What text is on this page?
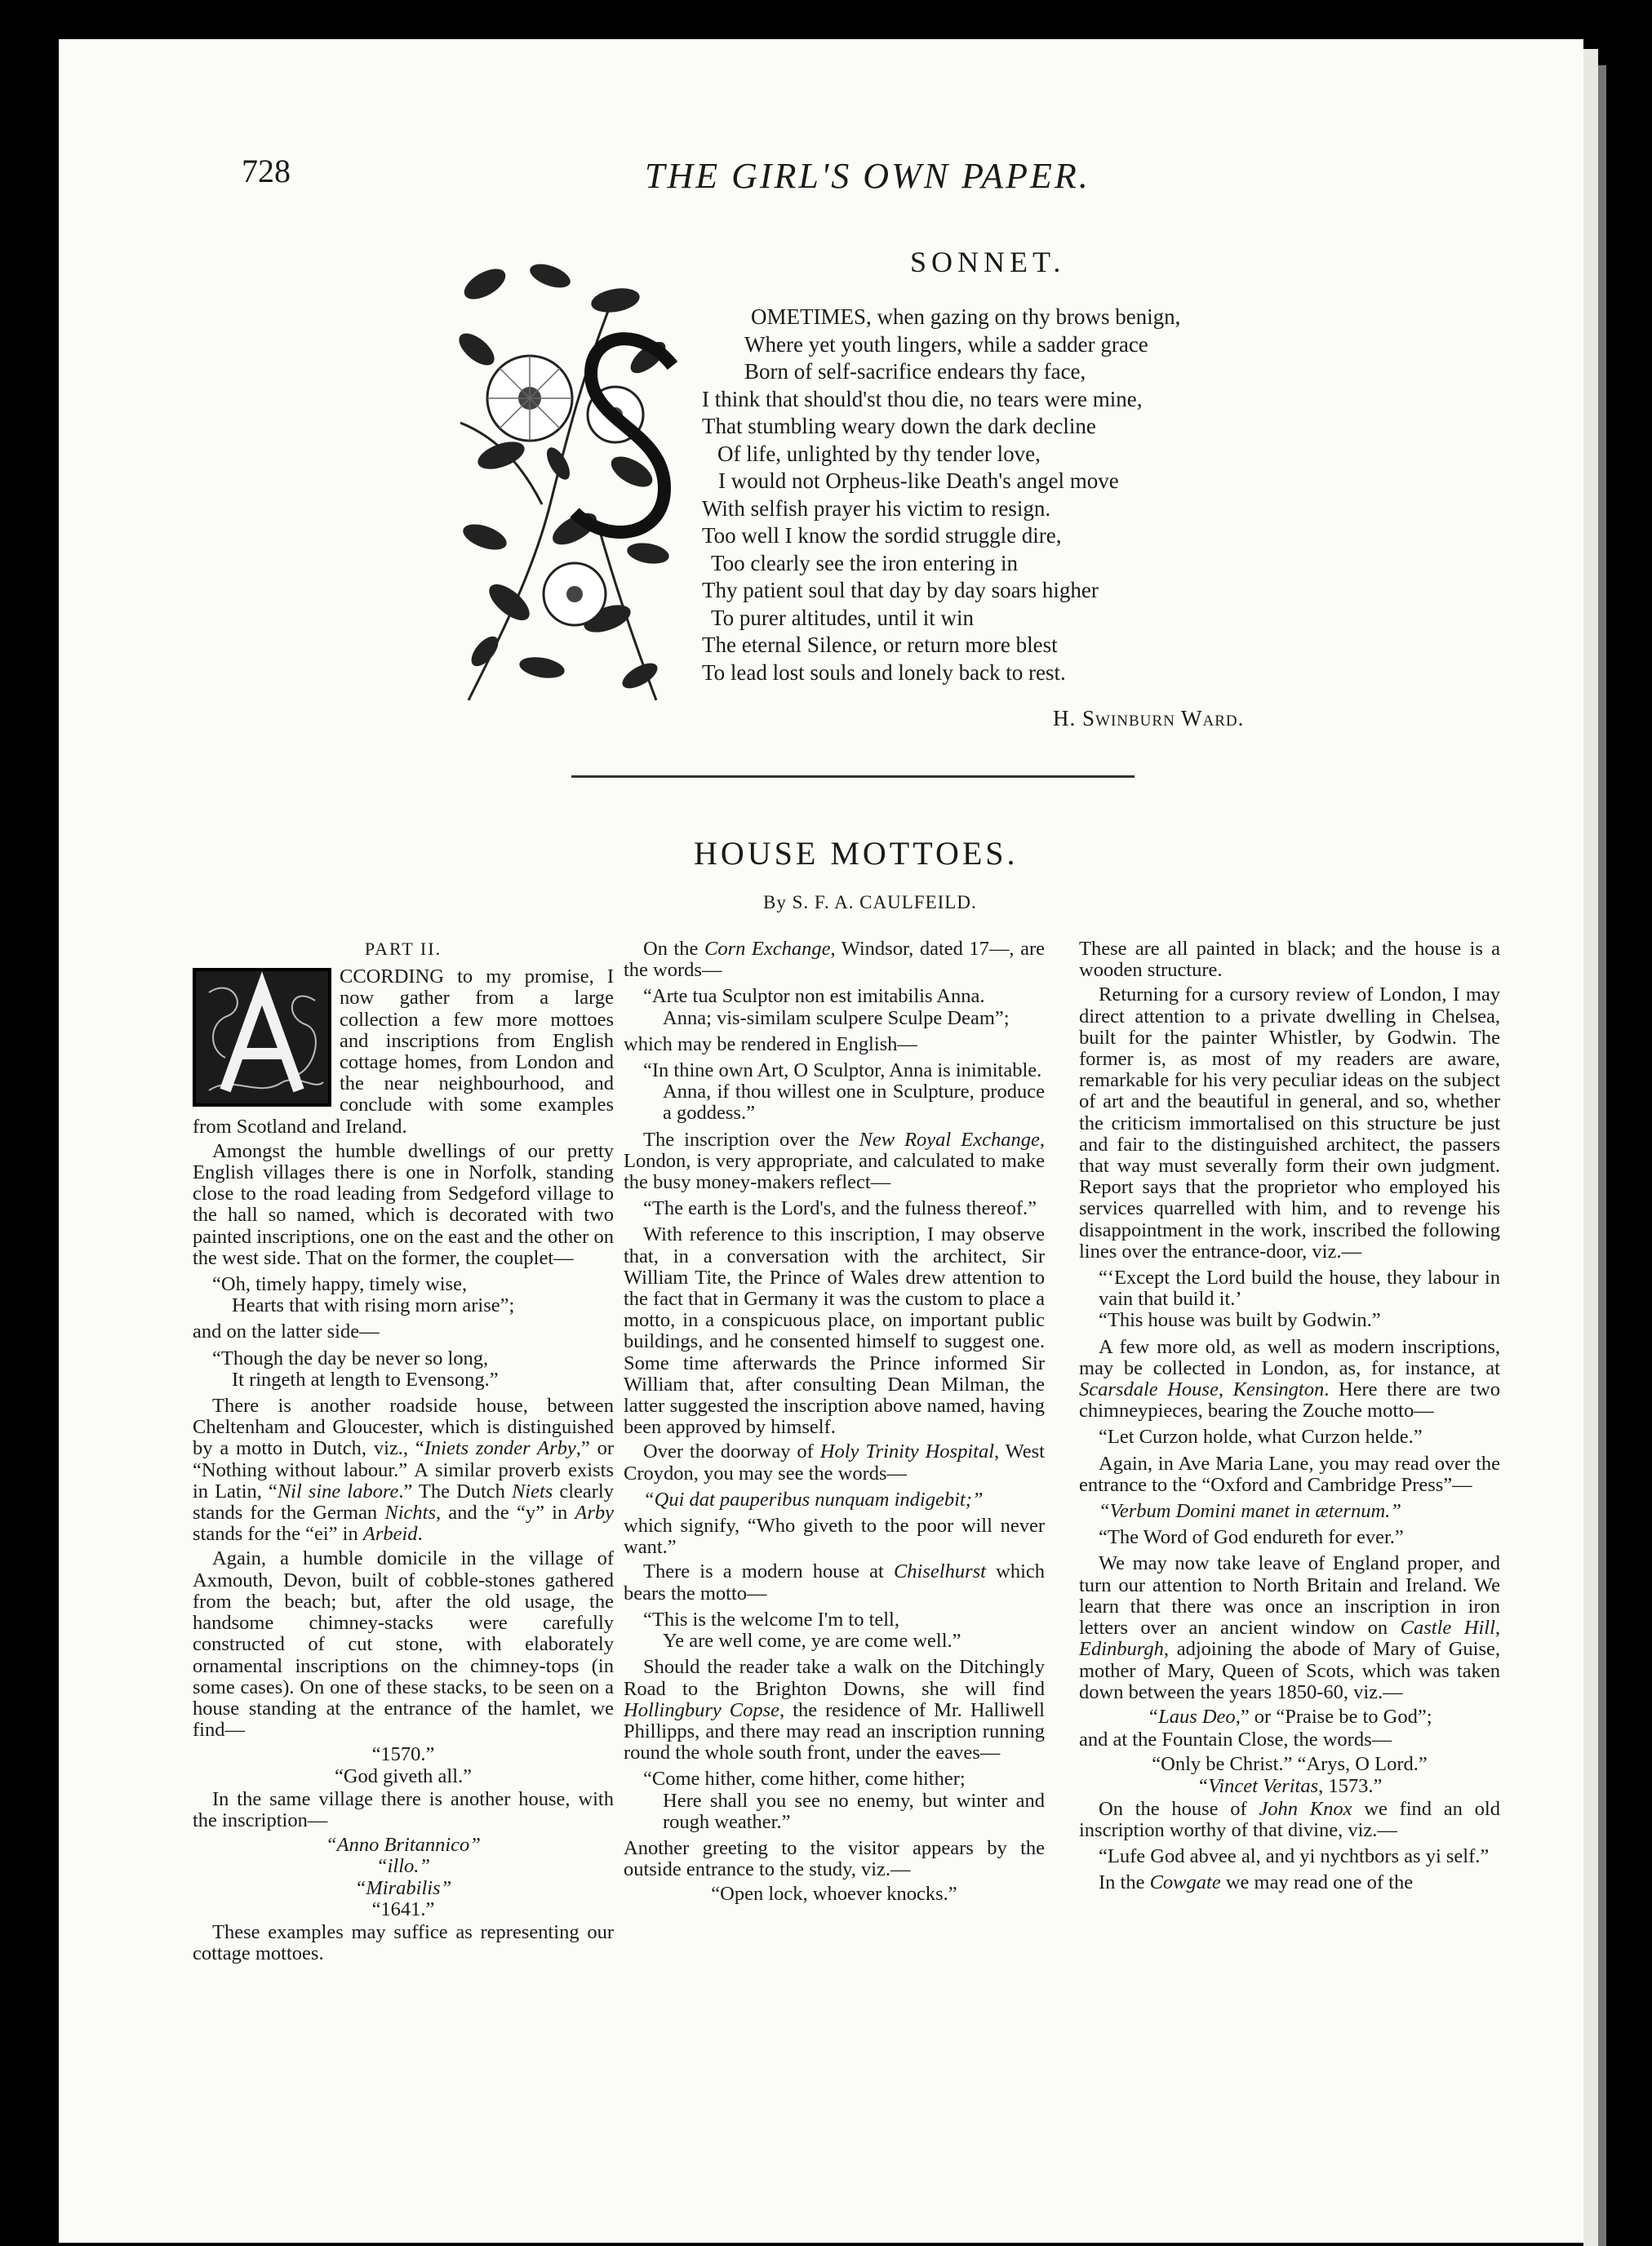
728	THE GIRL'S OWN PAPER.
SONNET.
OMETIMES, when gazing on thy brows benign,
Where yet youth lingers, while a sadder grace
Born of self-sacrifice endears thy face,
I think that should'st thou die, no tears were mine,
That stumbling weary down the dark decline
Of life, unlighted by thy tender love,
I would not Orpheus-like Death's angel move
With selfish prayer his victim to resign.
Too well I know the sordid struggle dire,
Too clearly see the iron entering in
Thy patient soul that day by day soars higher
To purer altitudes, until it win
The eternal Silence, or return more blest
To lead lost souls and lonely back to rest.
H. Swinburn Ward.
HOUSE MOTTOES.
By S. F. A. CAULFEILD.

PART II.

CCORDING to my promise, I now gather from a large collection a few more mottoes and inscriptions from English cottage homes, from London and the near neighbourhood, and conclude with some examples from Scotland and Ireland.

Amongst the humble dwellings of our pretty English villages there is one in Norfolk, standing close to the road leading from Sedgeford village to the hall so named, which is decorated with two painted inscriptions, one on the east and the other on the west side. That on the former, the couplet—

“Oh, timely happy, timely wise,
Hearts that with rising morn arise”;

and on the latter side—

“Though the day be never so long,
It ringeth at length to Evensong.”

There is another roadside house, between Cheltenham and Gloucester, which is distinguished by a motto in Dutch, viz., “Iniets zonder Arby,” or “Nothing without labour.” A similar proverb exists in Latin, “Nil sine labore.” The Dutch Niets clearly stands for the German Nichts, and the “y” in Arby stands for the “ei” in Arbeid.

Again, a humble domicile in the village of Axmouth, Devon, built of cobble-stones gathered from the beach; but, after the old usage, the handsome chimney-stacks were carefully constructed of cut stone, with elaborately ornamental inscriptions on the chimney-tops (in some cases). On one of these stacks, to be seen on a house standing at the entrance of the hamlet, we find—

“1570.”
“God giveth all.”

In the same village there is another house, with the inscription—

“Anno Britannico”
“illo.”
“Mirabilis”
“1641.”

These examples may suffice as representing our cottage mottoes.

On the Corn Exchange, Windsor, dated 17—, are the words—

“Arte tua Sculptor non est imitabilis Anna.
Anna; vis-similam sculpere Sculpe Deam”;

which may be rendered in English—

“In thine own Art, O Sculptor, Anna is inimitable.
Anna, if thou willest one in Sculpture, produce a goddess.”

The inscription over the New Royal Exchange, London, is very appropriate, and calculated to make the busy money-makers reflect—

“The earth is the Lord's, and the fulness thereof.”

With reference to this inscription, I may observe that, in a conversation with the architect, Sir William Tite, the Prince of Wales drew attention to the fact that in Germany it was the custom to place a motto, in a conspicuous place, on important public buildings, and he consented himself to suggest one. Some time afterwards the Prince informed Sir William that, after consulting Dean Milman, the latter suggested the inscription above named, having been approved by himself.

Over the doorway of Holy Trinity Hospital, West Croydon, you may see the words—

“Qui dat pauperibus nunquam indigebit;”

which signify, “Who giveth to the poor will never want.”

There is a modern house at Chiselhurst which bears the motto—

“This is the welcome I'm to tell,
Ye are well come, ye are come well.”

Should the reader take a walk on the Ditchingly Road to the Brighton Downs, she will find Hollingbury Copse, the residence of Mr. Halliwell Phillipps, and there may read an inscription running round the whole south front, under the eaves—

“Come hither, come hither, come hither;
Here shall you see no enemy, but winter and rough weather.”

Another greeting to the visitor appears by the outside entrance to the study, viz.—

“Open lock, whoever knocks.”

These are all painted in black; and the house is a wooden structure.

Returning for a cursory review of London, I may direct attention to a private dwelling in Chelsea, built for the painter Whistler, by Godwin. The former is, as most of my readers are aware, remarkable for his very peculiar ideas on the subject of art and the beautiful in general, and so, whether the criticism immortalised on this structure be just and fair to the distinguished architect, the passers that way must severally form their own judgment. Report says that the proprietor who employed his services quarrelled with him, and to revenge his disappointment in the work, inscribed the following lines over the entrance-door, viz.—

“‘Except the Lord build the house, they labour in vain that build it.’
“This house was built by Godwin.”

A few more old, as well as modern inscriptions, may be collected in London, as, for instance, at Scarsdale House, Kensington. Here there are two chimneypieces, bearing the Zouche motto—

“Let Curzon holde, what Curzon helde.”

Again, in Ave Maria Lane, you may read over the entrance to the “Oxford and Cambridge Press”—

“Verbum Domini manet in æternum.”
“The Word of God endureth for ever.”

We may now take leave of England proper, and turn our attention to North Britain and Ireland. We learn that there was once an inscription in iron letters over an ancient window on Castle Hill, Edinburgh, adjoining the abode of Mary of Guise, mother of Mary, Queen of Scots, which was taken down between the years 1850-60, viz.—

“Laus Deo,” or “Praise be to God”;

and at the Fountain Close, the words—

“Only be Christ.” “Arys, O Lord.”
“Vincet Veritas, 1573.”

On the house of John Knox we find an old inscription worthy of that divine, viz.—

“Lufe God abvee al, and yi nychtbors as yi self.”

In the Cowgate we may read one of the
